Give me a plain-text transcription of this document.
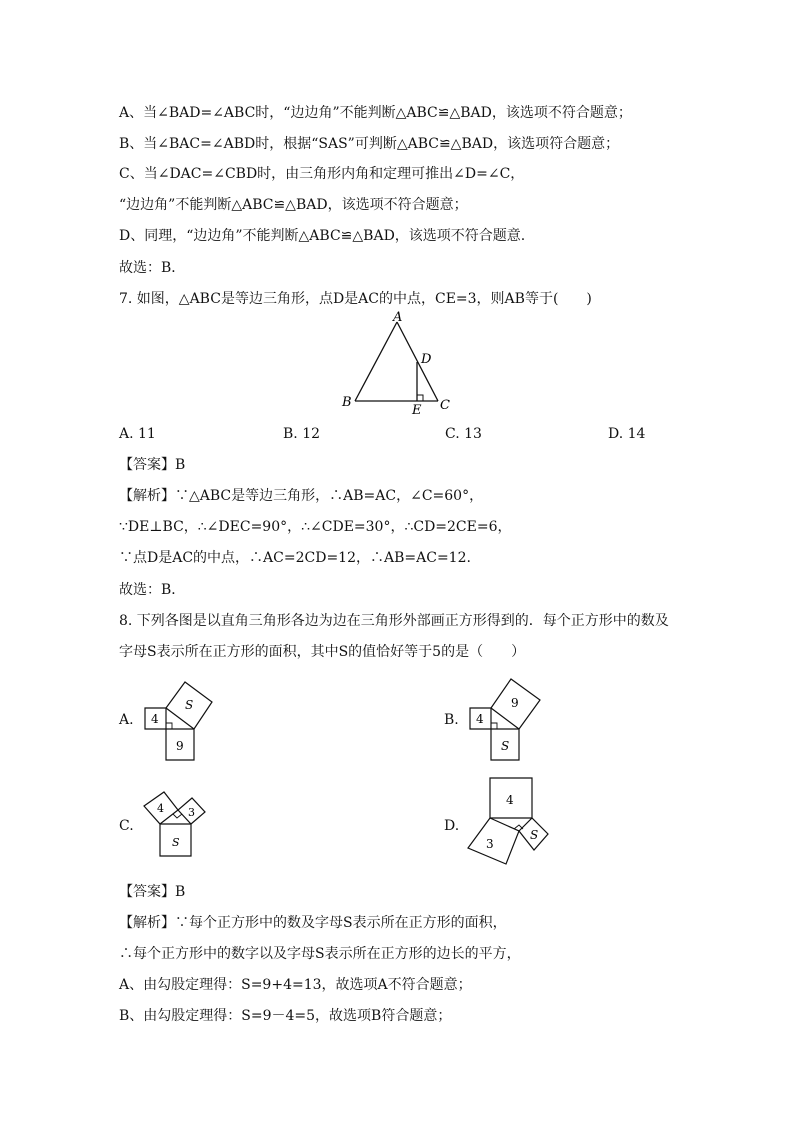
A、当∠BAD=∠ABC时，“边边角”不能判断△ABC≌△BAD，该选项不符合题意；
B、当∠BAC=∠ABD时，根据“SAS”可判断△ABC≌△BAD，该选项符合题意；
C、当∠DAC=∠CBD时，由三角形内角和定理可推出∠D=∠C，
“边边角”不能判断△ABC≌△BAD，该选项不符合题意；
D、同理，“边边角”不能判断△ABC≌△BAD，该选项不符合题意.
故选：B．
7. 如图，△ABC是等边三角形，点D是AC的中点，CE=3，则AB等于(　　)
A
D
B	C
E
A. 11	B. 12	C. 13	D. 14
【答案】B
【解析】∵△ABC是等边三角形，∴AB=AC，∠C=60°，
∵DE⊥BC，∴∠DEC=90°，∴∠CDE=30°，∴CD=2CE=6，
∵点D是AC的中点，∴AC=2CD=12，∴AB=AC=12.
故选：B．
8. 下列各图是以直角三角形各边为边在三角形外部画正方形得到的．每个正方形中的数及
字母S表示所在正方形的面积，其中S的值恰好等于5的是（　　）
A.
S
4
9
B.
9
4
S
C.
4 3
S
D.
4
3
S
【答案】B
【解析】∵每个正方形中的数及字母S表示所在正方形的面积，
∴每个正方形中的数字以及字母S表示所在正方形的边长的平方，
A、由勾股定理得：S=9+4=13，故选项A不符合题意；
B、由勾股定理得：S=9－4=5，故选项B符合题意；
